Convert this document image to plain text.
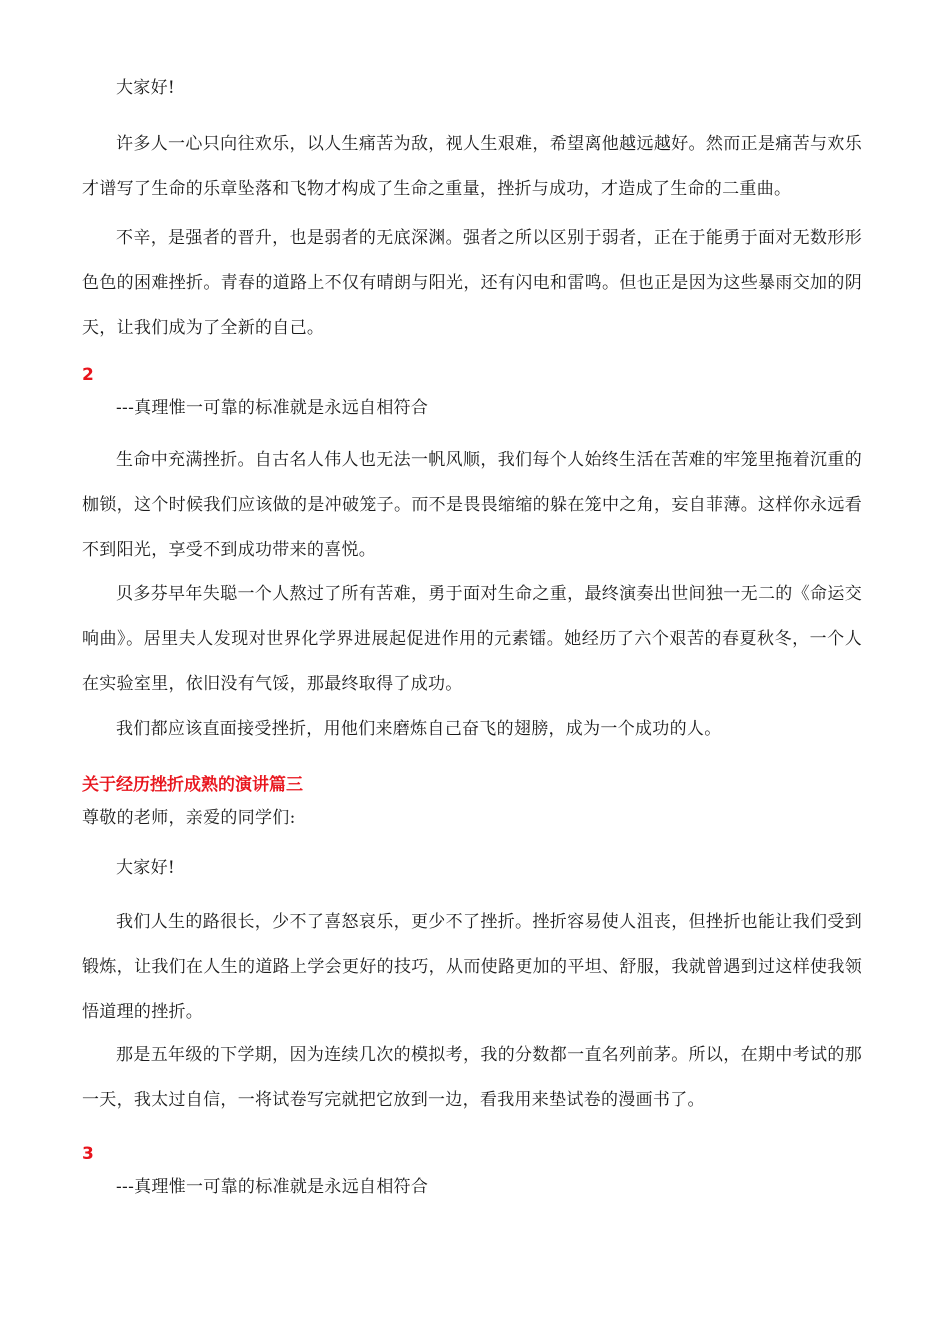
大家好!

许多人一心只向往欢乐，以人生痛苦为敌，视人生艰难，希望离他越远越好。然而正是痛苦与欢乐才谱写了生命的乐章坠落和飞物才构成了生命之重量，挫折与成功，才造成了生命的二重曲。

不辛，是强者的晋升，也是弱者的无底深渊。强者之所以区别于弱者，正在于能勇于面对无数形形色色的困难挫折。青春的道路上不仅有晴朗与阳光，还有闪电和雷鸣。但也正是因为这些暴雨交加的阴天，让我们成为了全新的自己。

2

---真理惟一可靠的标准就是永远自相符合

生命中充满挫折。自古名人伟人也无法一帆风顺，我们每个人始终生活在苦难的牢笼里拖着沉重的枷锁，这个时候我们应该做的是冲破笼子。而不是畏畏缩缩的躲在笼中之角，妄自菲薄。这样你永远看不到阳光，享受不到成功带来的喜悦。

贝多芬早年失聪一个人熬过了所有苦难，勇于面对生命之重，最终演奏出世间独一无二的《命运交响曲》。居里夫人发现对世界化学界进展起促进作用的元素镭。她经历了六个艰苦的春夏秋冬，一个人在实验室里，依旧没有气馁，那最终取得了成功。

我们都应该直面接受挫折，用他们来磨炼自己奋飞的翅膀，成为一个成功的人。

关于经历挫折成熟的演讲篇三

尊敬的老师，亲爱的同学们:

大家好!

我们人生的路很长，少不了喜怒哀乐，更少不了挫折。挫折容易使人沮丧，但挫折也能让我们受到锻炼，让我们在人生的道路上学会更好的技巧，从而使路更加的平坦、舒服，我就曾遇到过这样使我领悟道理的挫折。

那是五年级的下学期，因为连续几次的模拟考，我的分数都一直名列前茅。所以，在期中考试的那一天，我太过自信，一将试卷写完就把它放到一边，看我用来垫试卷的漫画书了。

3

---真理惟一可靠的标准就是永远自相符合
